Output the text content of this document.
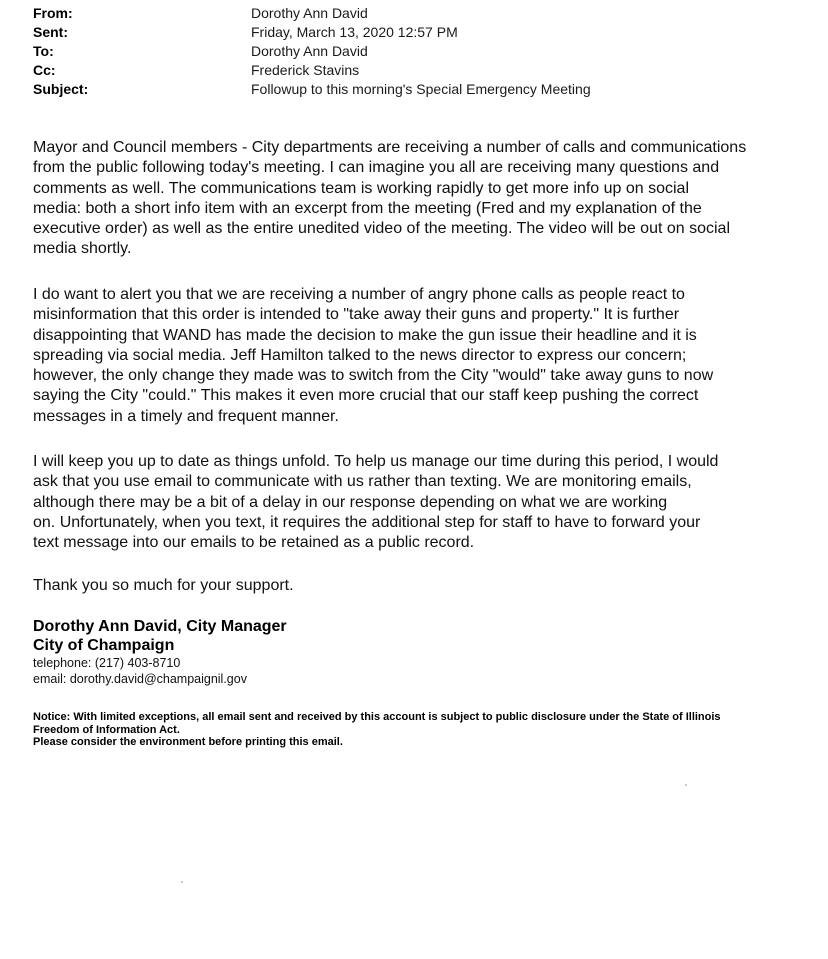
From:	Dorothy Ann David
Sent:	Friday, March 13, 2020 12:57 PM
To:	Dorothy Ann David
Cc:	Frederick Stavins
Subject:	Followup to this morning's Special Emergency Meeting
Mayor and Council members - City departments are receiving a number of calls and communications
from the public following today's meeting. I can imagine you all are receiving many questions and
comments as well. The communications team is working rapidly to get more info up on social
media: both a short info item with an excerpt from the meeting (Fred and my explanation of the
executive order) as well as the entire unedited video of the meeting. The video will be out on social
media shortly.
I do want to alert you that we are receiving a number of angry phone calls as people react to
misinformation that this order is intended to "take away their guns and property." It is further
disappointing that WAND has made the decision to make the gun issue their headline and it is
spreading via social media. Jeff Hamilton talked to the news director to express our concern;
however, the only change they made was to switch from the City "would" take away guns to now
saying the City "could." This makes it even more crucial that our staff keep pushing the correct
messages in a timely and frequent manner.
I will keep you up to date as things unfold. To help us manage our time during this period, I would
ask that you use email to communicate with us rather than texting. We are monitoring emails,
although there may be a bit of a delay in our response depending on what we are working
on. Unfortunately, when you text, it requires the additional step for staff to have to forward your
text message into our emails to be retained as a public record.
Thank you so much for your support.
Dorothy Ann David, City Manager
City of Champaign
telephone: (217) 403-8710
email: dorothy.david@champaignil.gov
Notice: With limited exceptions, all email sent and received by this account is subject to public disclosure under the State of Illinois
Freedom of Information Act.
Please consider the environment before printing this email.
